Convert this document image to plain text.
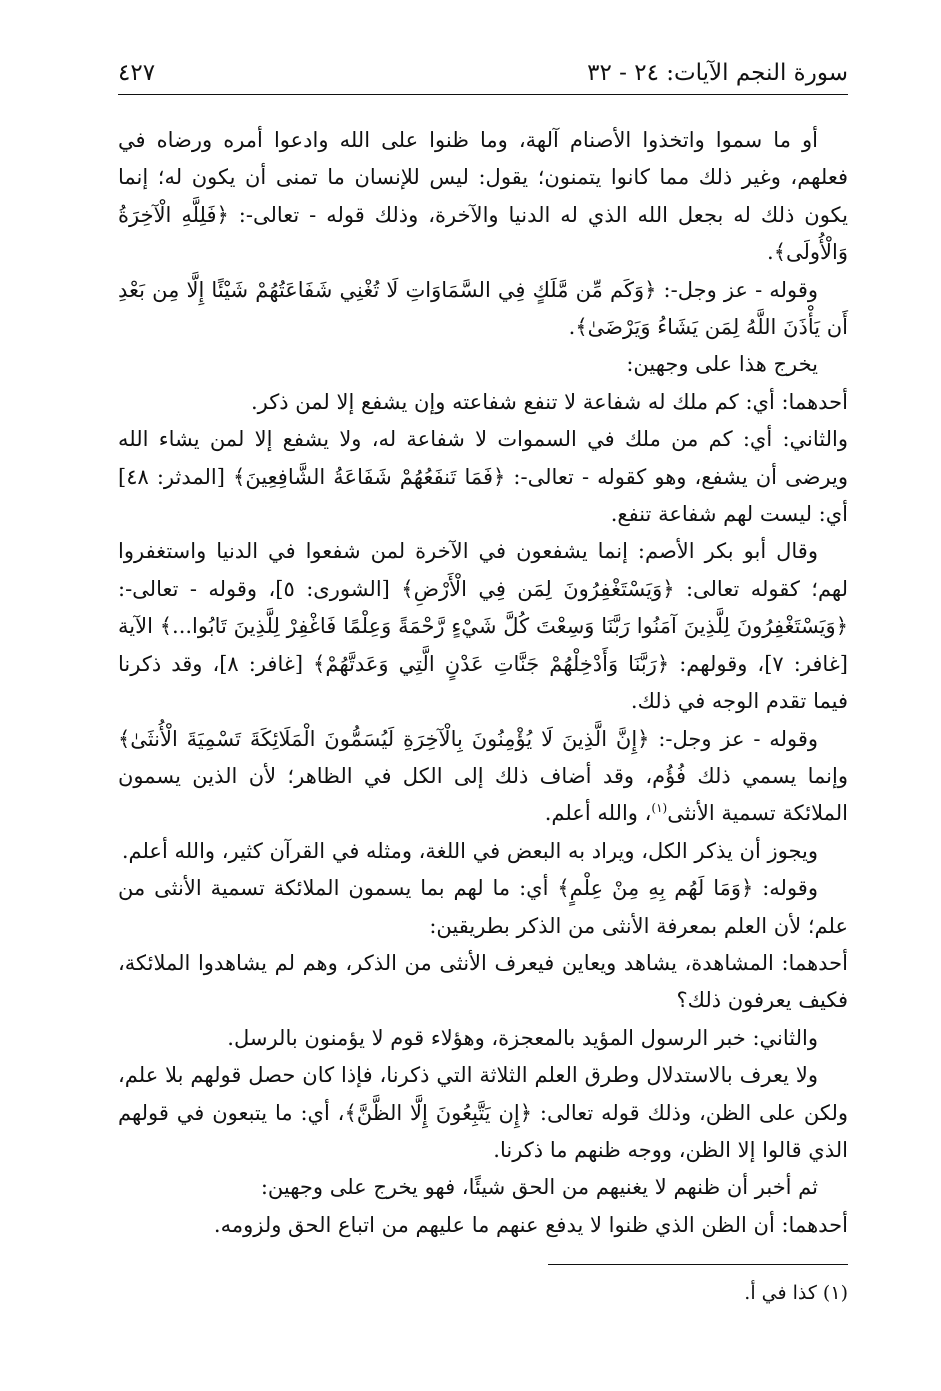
سورة النجم الآيات: ٢٤ - ٣٢
٤٢٧

أو ما سموا واتخذوا الأصنام آلهة، وما ظنوا على الله وادعوا أمره ورضاه في فعلهم، وغير ذلك مما كانوا يتمنون؛ يقول: ليس للإنسان ما تمنى أن يكون له؛ إنما يكون ذلك له بجعل الله الذي له الدنيا والآخرة، وذلك قوله - تعالى-: ﴿فَلِلَّهِ الْآخِرَةُ وَالْأُولَى﴾.

وقوله - عز وجل-: ﴿وَكَم مِّن مَّلَكٍ فِي السَّمَاوَاتِ لَا تُغْنِي شَفَاعَتُهُمْ شَيْئًا إِلَّا مِن بَعْدِ أَن يَأْذَنَ اللَّهُ لِمَن يَشَاءُ وَيَرْضَىٰ﴾.

يخرج هذا على وجهين:

أحدهما: أي: كم ملك له شفاعة لا تنفع شفاعته وإن يشفع إلا لمن ذكر.

والثاني: أي: كم من ملك في السموات لا شفاعة له، ولا يشفع إلا لمن يشاء الله ويرضى أن يشفع، وهو كقوله - تعالى-: ﴿فَمَا تَنفَعُهُمْ شَفَاعَةُ الشَّافِعِينَ﴾ [المدثر: ٤٨] أي: ليست لهم شفاعة تنفع.

وقال أبو بكر الأصم: إنما يشفعون في الآخرة لمن شفعوا في الدنيا واستغفروا لهم؛ كقوله تعالى: ﴿وَيَسْتَغْفِرُونَ لِمَن فِي الْأَرْضِ﴾ [الشورى: ٥]، وقوله - تعالى-: ﴿وَيَسْتَغْفِرُونَ لِلَّذِينَ آمَنُوا رَبَّنَا وَسِعْتَ كُلَّ شَيْءٍ رَّحْمَةً وَعِلْمًا فَاغْفِرْ لِلَّذِينَ تَابُوا...﴾ الآية [غافر: ٧]، وقولهم: ﴿رَبَّنَا وَأَدْخِلْهُمْ جَنَّاتِ عَدْنٍ الَّتِي وَعَدتَّهُمْ﴾ [غافر: ٨]، وقد ذكرنا فيما تقدم الوجه في ذلك.

وقوله - عز وجل-: ﴿إِنَّ الَّذِينَ لَا يُؤْمِنُونَ بِالْآخِرَةِ لَيُسَمُّونَ الْمَلَائِكَةَ تَسْمِيَةَ الْأُنثَىٰ﴾ وإنما يسمي ذلك فُؤُم، وقد أضاف ذلك إلى الكل في الظاهر؛ لأن الذين يسمون الملائكة تسمية الأنثى$^{(١)}$، والله أعلم.

ويجوز أن يذكر الكل، ويراد به البعض في اللغة، ومثله في القرآن كثير، والله أعلم.

وقوله: ﴿وَمَا لَهُم بِهِ مِنْ عِلْمٍ﴾ أي: ما لهم بما يسمون الملائكة تسمية الأنثى من علم؛ لأن العلم بمعرفة الأنثى من الذكر بطريقين:

أحدهما: المشاهدة، يشاهد ويعاين فيعرف الأنثى من الذكر، وهم لم يشاهدوا الملائكة، فكيف يعرفون ذلك؟

والثاني: خبر الرسول المؤيد بالمعجزة، وهؤلاء قوم لا يؤمنون بالرسل.

ولا يعرف بالاستدلال وطرق العلم الثلاثة التي ذكرنا، فإذا كان حصل قولهم بلا علم، ولكن على الظن، وذلك قوله تعالى: ﴿إِن يَتَّبِعُونَ إِلَّا الظَّنَّ﴾، أي: ما يتبعون في قولهم الذي قالوا إلا الظن، ووجه ظنهم ما ذكرنا.

ثم أخبر أن ظنهم لا يغنيهم من الحق شيئًا، فهو يخرج على وجهين:

أحدهما: أن الظن الذي ظنوا لا يدفع عنهم ما عليهم من اتباع الحق ولزومه.

(١) كذا في أ.
